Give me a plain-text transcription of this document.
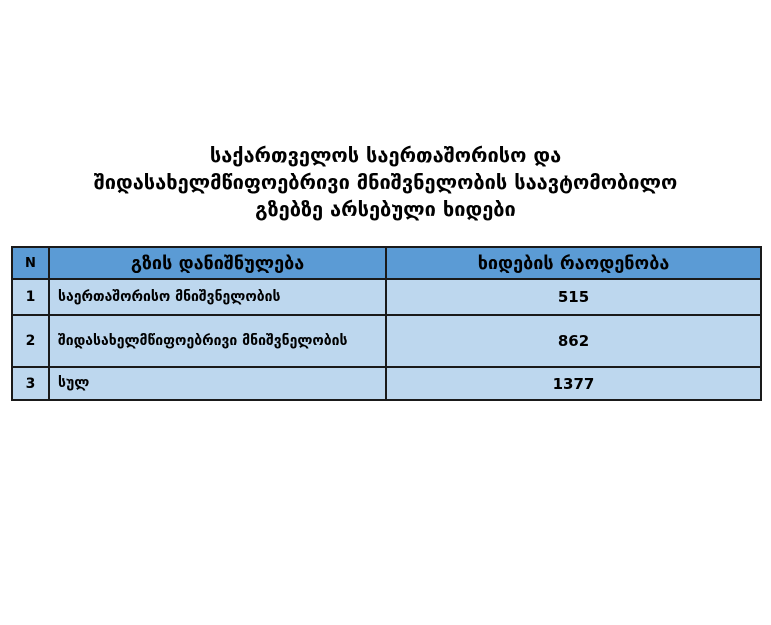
საქართველოს საერთაშორისო და
შიდასახელმწიფოებრივი მნიშვნელობის საავტომობილო
გზებზე არსებული ხიდები
N	გზის დანიშნულება	ხიდების რაოდენობა
1	საერთაშორისო მნიშვნელობის	515
2	შიდასახელმწიფოებრივი მნიშვნელობის	862
3	სულ	1377
